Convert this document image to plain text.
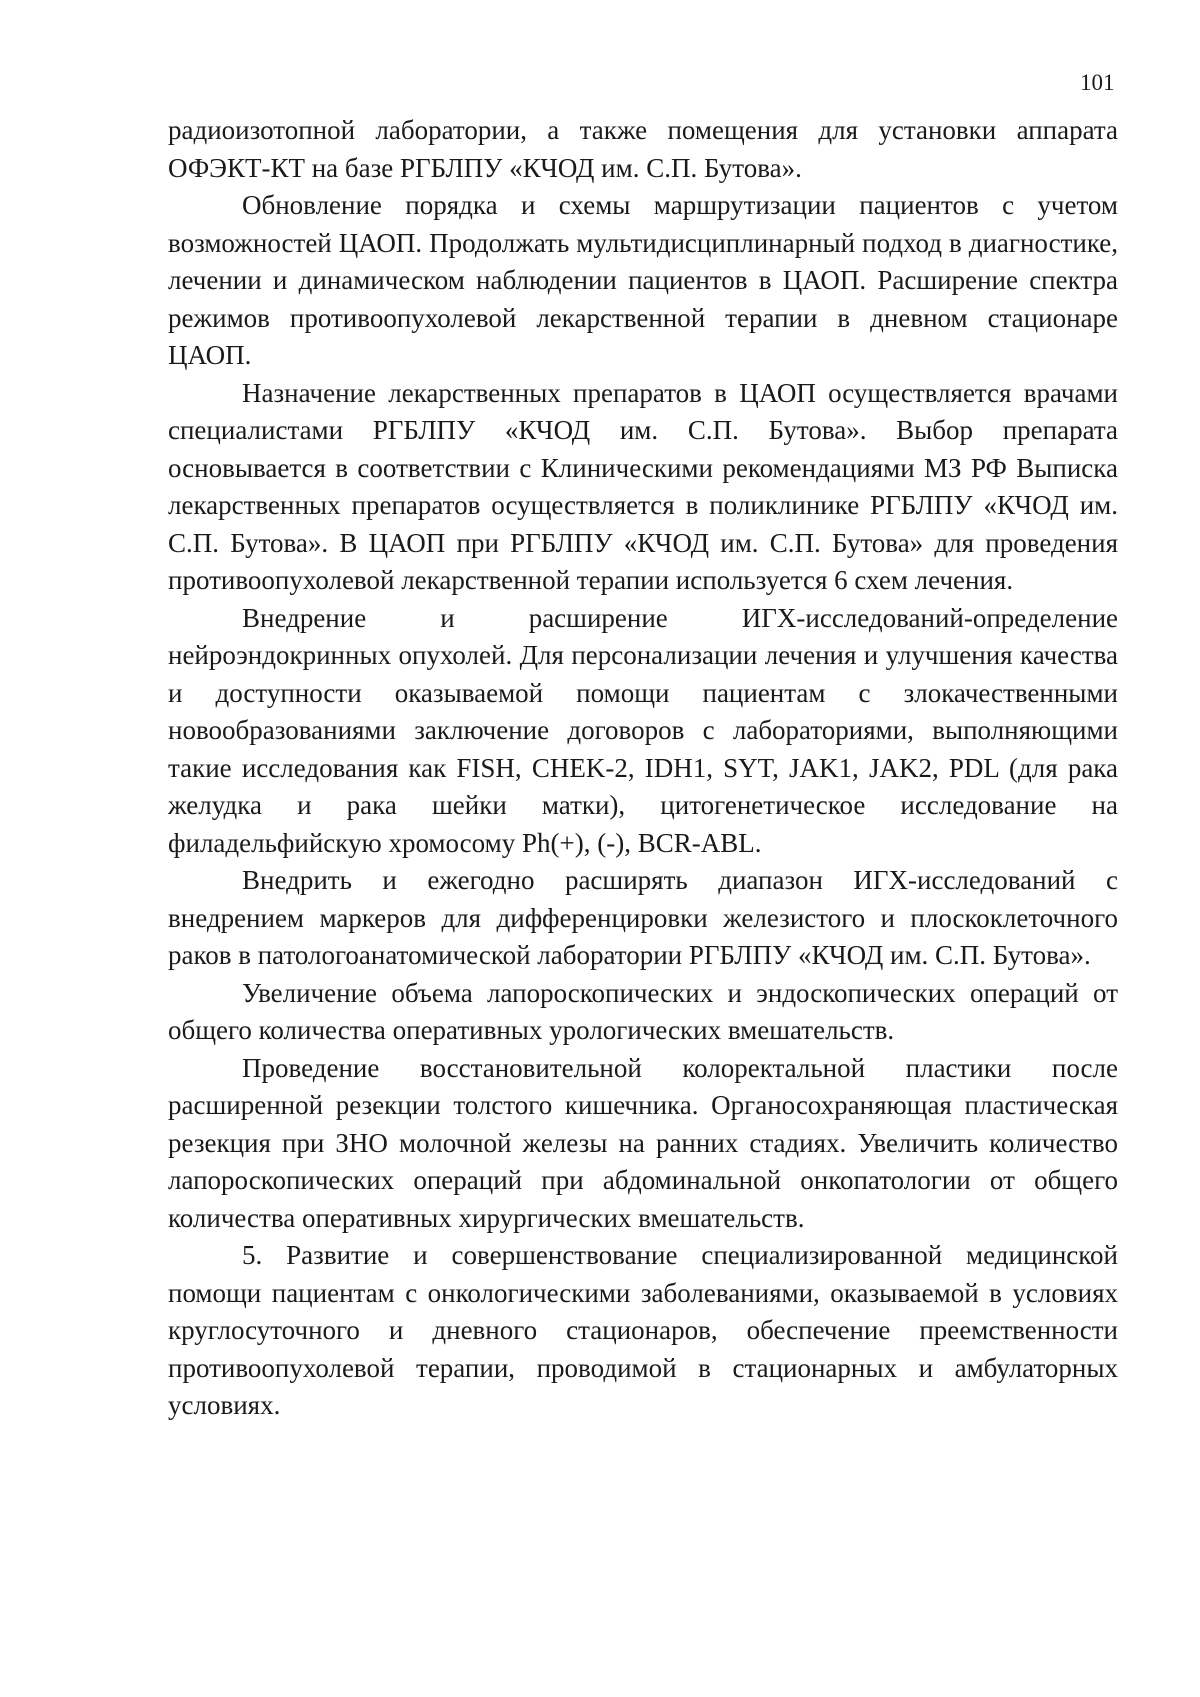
101

радиоизотопной лаборатории, а также помещения для установки аппарата ОФЭКТ-КТ на базе РГБЛПУ «КЧОД им. С.П. Бутова».

Обновление порядка и схемы маршрутизации пациентов с учетом возможностей ЦАОП. Продолжать мультидисциплинарный подход в диагностике, лечении и динамическом наблюдении пациентов в ЦАОП. Расширение спектра режимов противоопухолевой лекарственной терапии в дневном стационаре ЦАОП.

Назначение лекарственных препаратов в ЦАОП осуществляется врачами специалистами РГБЛПУ «КЧОД им. С.П. Бутова». Выбор препарата основывается в соответствии с Клиническими рекомендациями МЗ РФ Выписка лекарственных препаратов осуществляется в поликлинике РГБЛПУ «КЧОД им. С.П. Бутова». В ЦАОП при РГБЛПУ «КЧОД им. С.П. Бутова» для проведения противоопухолевой лекарственной терапии используется 6 схем лечения.

Внедрение и расширение ИГХ-исследований-определение нейроэндокринных опухолей. Для персонализации лечения и улучшения качества и доступности оказываемой помощи пациентам с злокачественными новообразованиями заключение договоров с лабораториями, выполняющими такие исследования как FISH, CHEK-2, IDH1, SYT, JAK1, JAK2, PDL (для рака желудка и рака шейки матки), цитогенетическое исследование на филадельфийскую хромосому Ph(+), (-), BCR-ABL.

Внедрить и ежегодно расширять диапазон ИГХ-исследований с внедрением маркеров для дифференцировки железистого и плоскоклеточного раков в патологоанатомической лаборатории РГБЛПУ «КЧОД им. С.П. Бутова».

Увеличение объема лапороскопических и эндоскопических операций от общего количества оперативных урологических вмешательств.

Проведение восстановительной колоректальной пластики после расширенной резекции толстого кишечника. Органосохраняющая пластическая резекция при ЗНО молочной железы на ранних стадиях. Увеличить количество лапороскопических операций при абдоминальной онкопатологии от общего количества оперативных хирургических вмешательств.

5. Развитие и совершенствование специализированной медицинской помощи пациентам с онкологическими заболеваниями, оказываемой в условиях круглосуточного и дневного стационаров, обеспечение преемственности противоопухолевой терапии, проводимой в стационарных и амбулаторных условиях.
